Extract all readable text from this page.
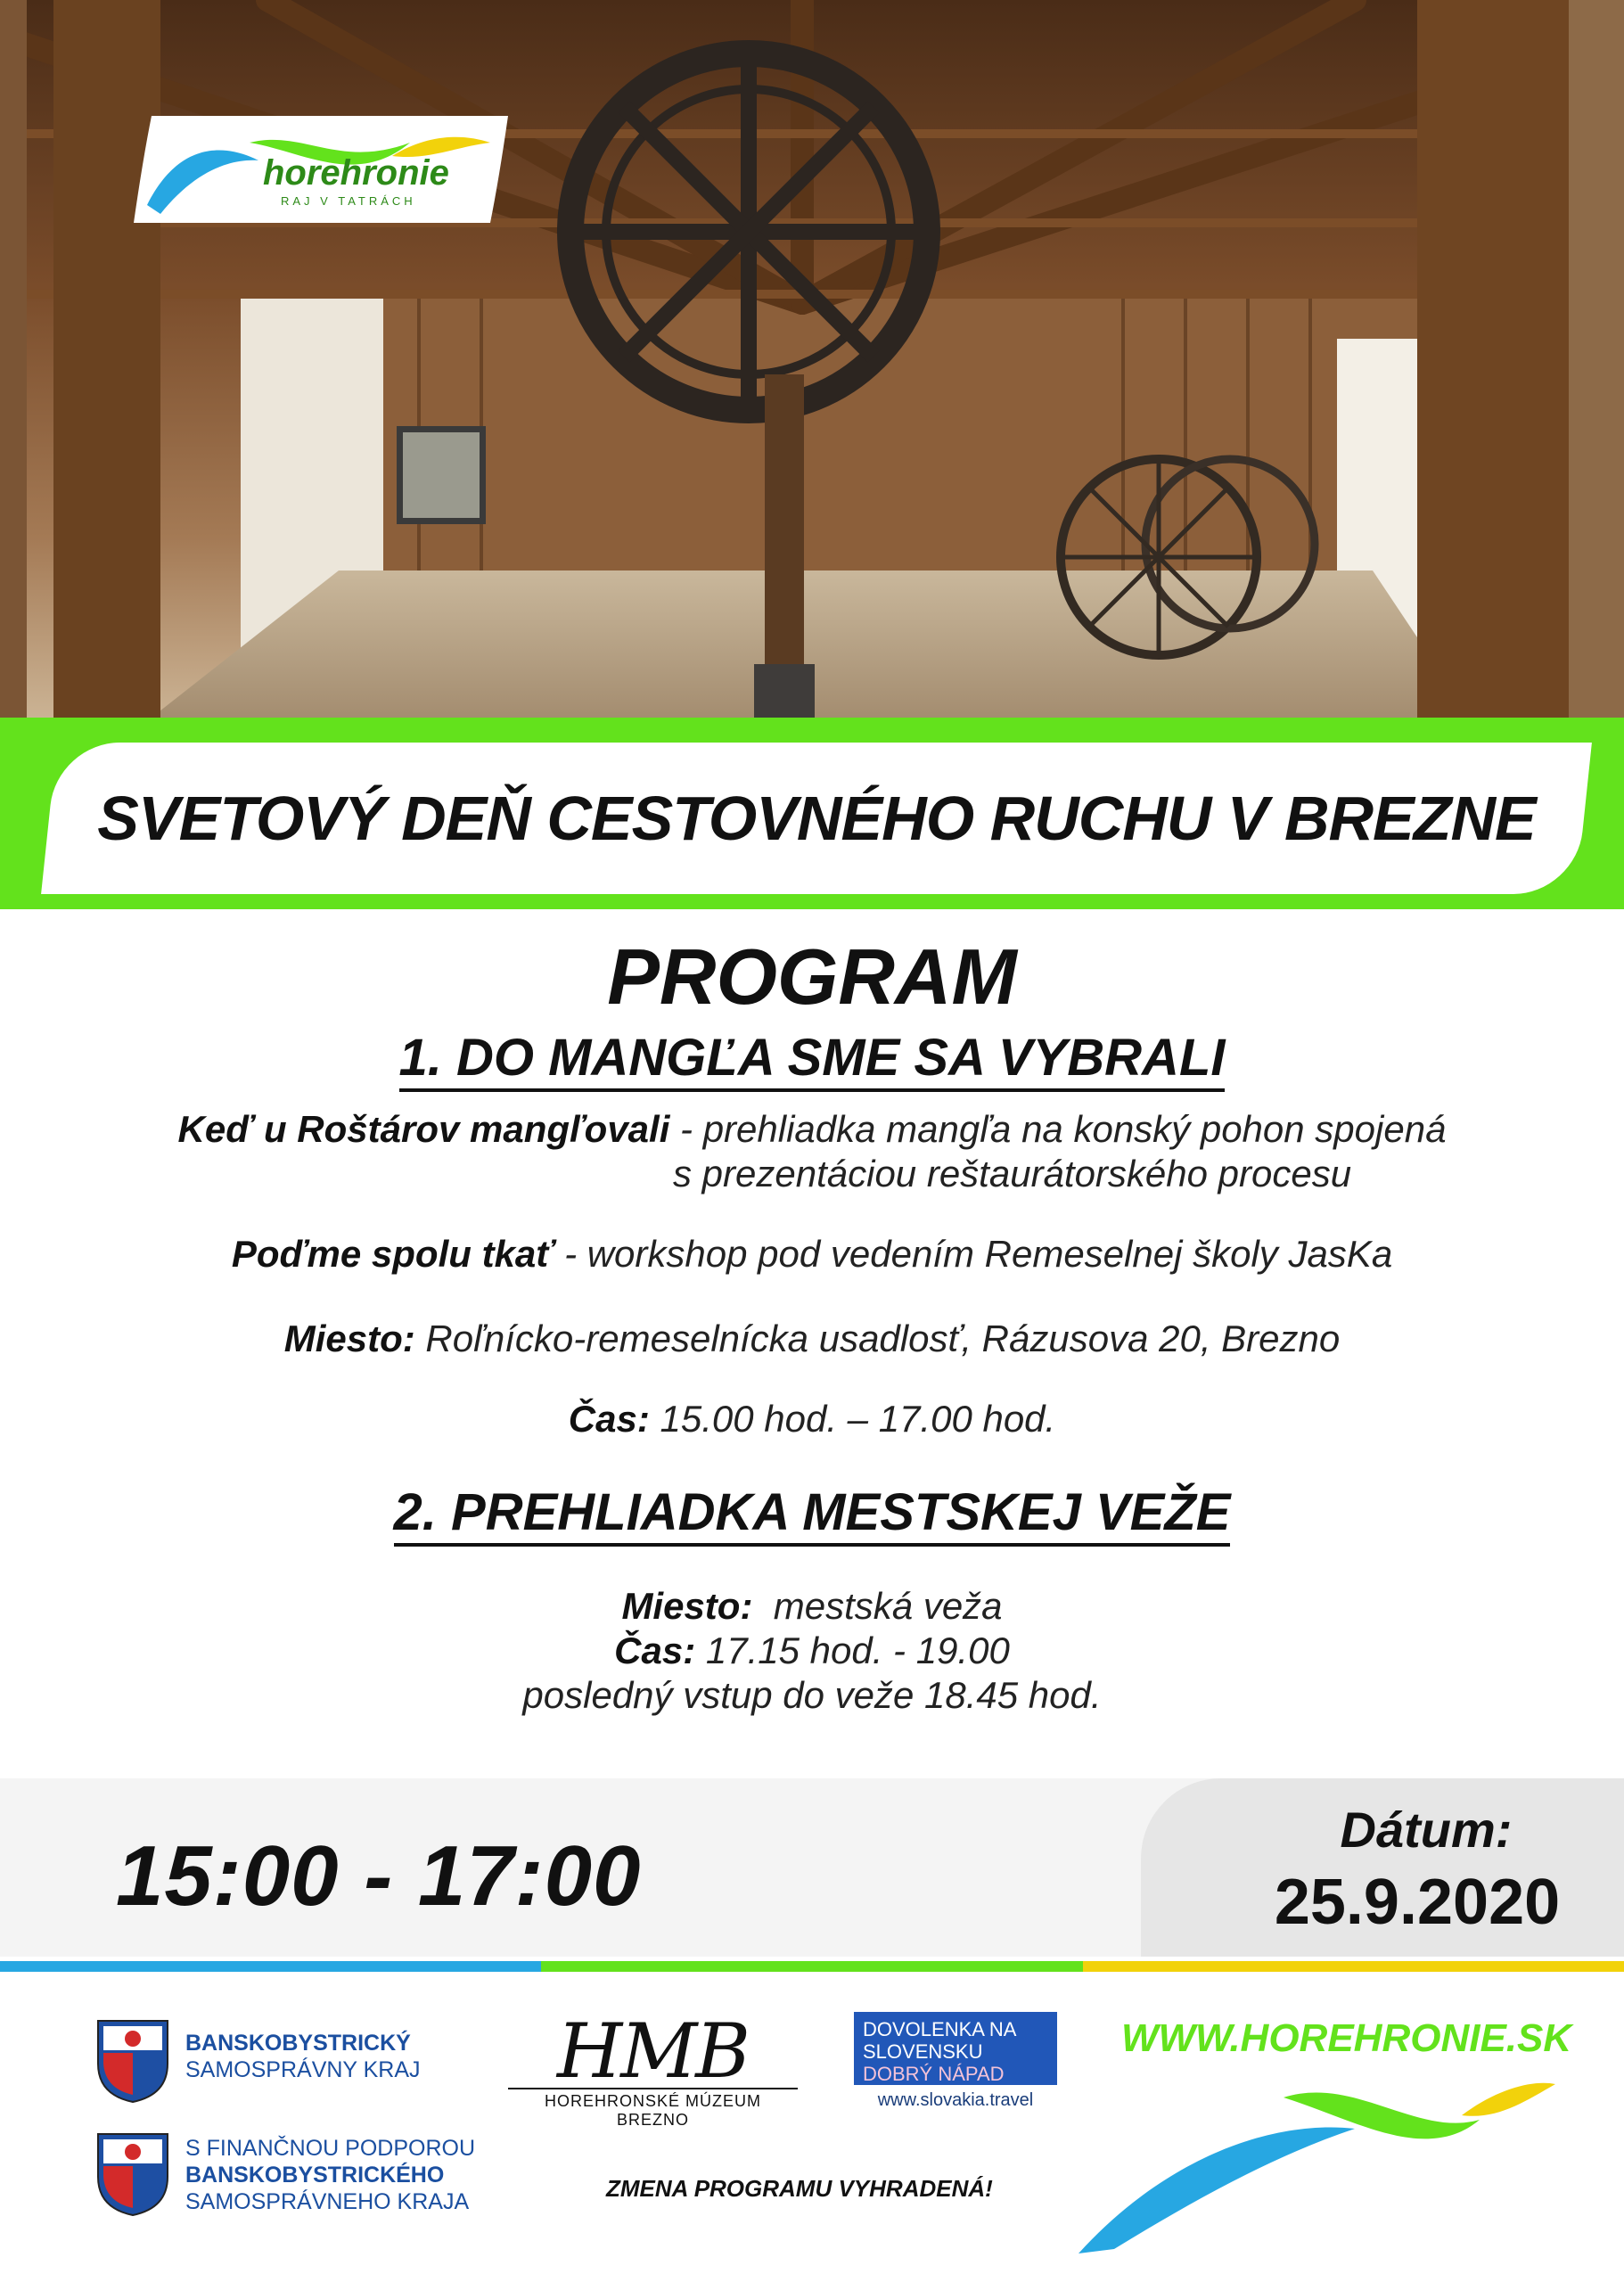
horehronie
RAJ V TATRÁCH
SVETOVÝ DEŇ CESTOVNÉHO RUCHU V BREZNE
PROGRAM
1. DO MANGĽA SME SA VYBRALI
Keď u Roštárov mangľovali - prehliadka mangľa na konský pohon spojená
s prezentáciou reštaurátorského procesu
Poďme spolu tkať - workshop pod vedením Remeselnej školy JasKa
Miesto: Roľnícko-remeselnícka usadlosť, Rázusova 20, Brezno
Čas: 15.00 hod. – 17.00 hod.
2. PREHLIADKA MESTSKEJ VEŽE
Miesto:  mestská veža
Čas: 17.15 hod. - 19.00
posledný vstup do veže 18.45 hod.
15:00 - 17:00	Dátum:
25.9.2020
BANSKOBYSTRICKÝ
SAMOSPRÁVNY KRAJ
S FINANČNOU PODPOROU
BANSKOBYSTRICKÉHO
SAMOSPRÁVNEHO KRAJA
HMB
HOREHRONSKÉ MÚZEUM BREZNO
DOVOLENKA NA
SLOVENSKU
DOBRÝ NÁPAD
www.slovakia.travel
WWW.HOREHRONIE.SK
ZMENA PROGRAMU VYHRADENÁ!
